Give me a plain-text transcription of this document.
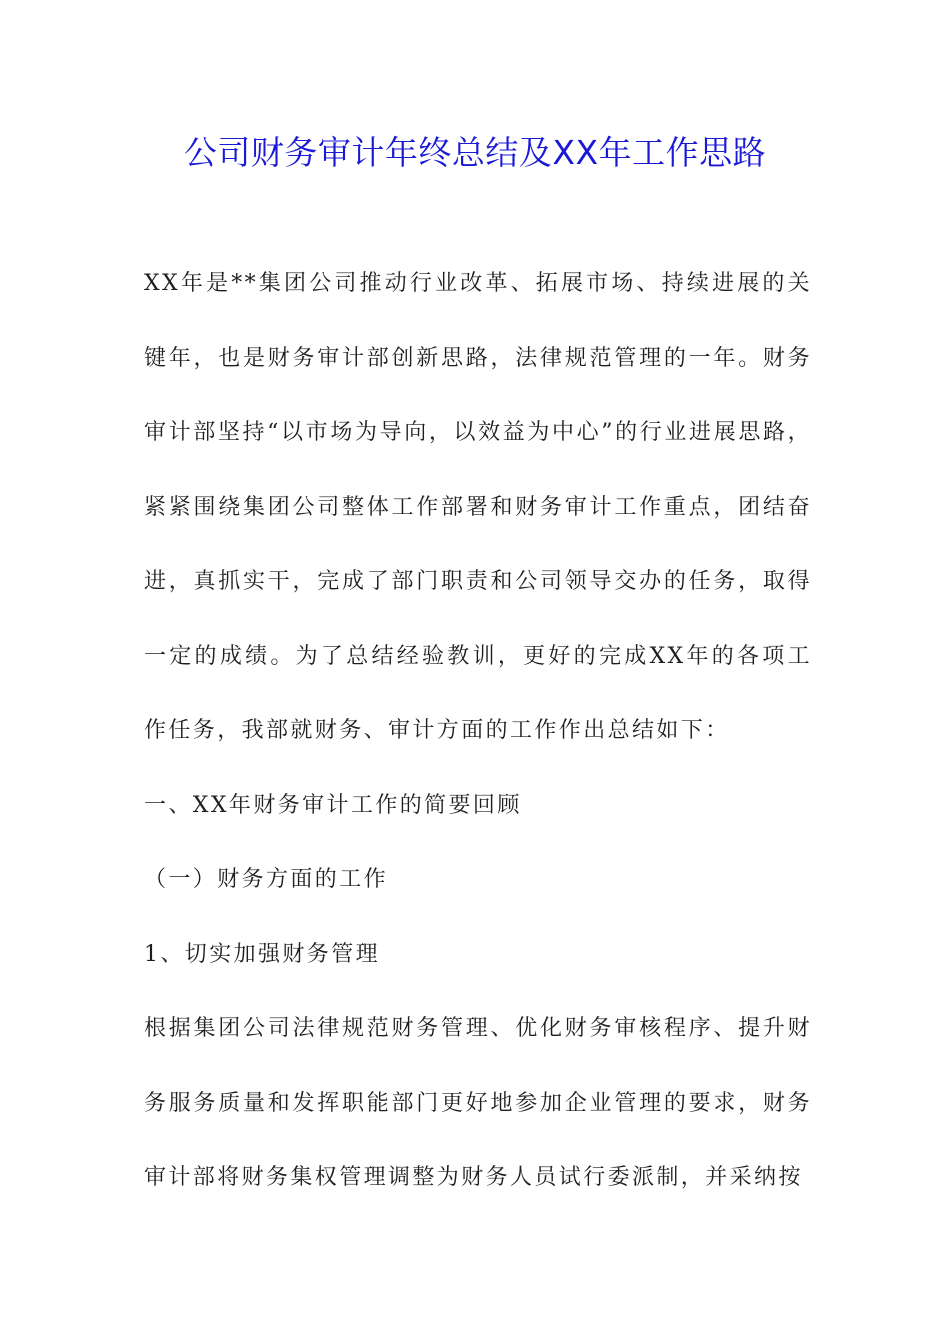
公司财务审计年终总结及XX年工作思路

XX年是**集团公司推动行业改革、拓展市场、持续进展的关键年，也是财务审计部创新思路，法律规范管理的一年。财务审计部坚持“以市场为导向，以效益为中心”的行业进展思路，紧紧围绕集团公司整体工作部署和财务审计工作重点，团结奋进，真抓实干，完成了部门职责和公司领导交办的任务，取得一定的成绩。为了总结经验教训，更好的完成XX年的各项工作任务，我部就财务、审计方面的工作作出总结如下：

一、XX年财务审计工作的简要回顾

（一）财务方面的工作

1、切实加强财务管理

根据集团公司法律规范财务管理、优化财务审核程序、提升财务服务质量和发挥职能部门更好地参加企业管理的要求，财务审计部将财务集权管理调整为财务人员试行委派制，并采纳按
